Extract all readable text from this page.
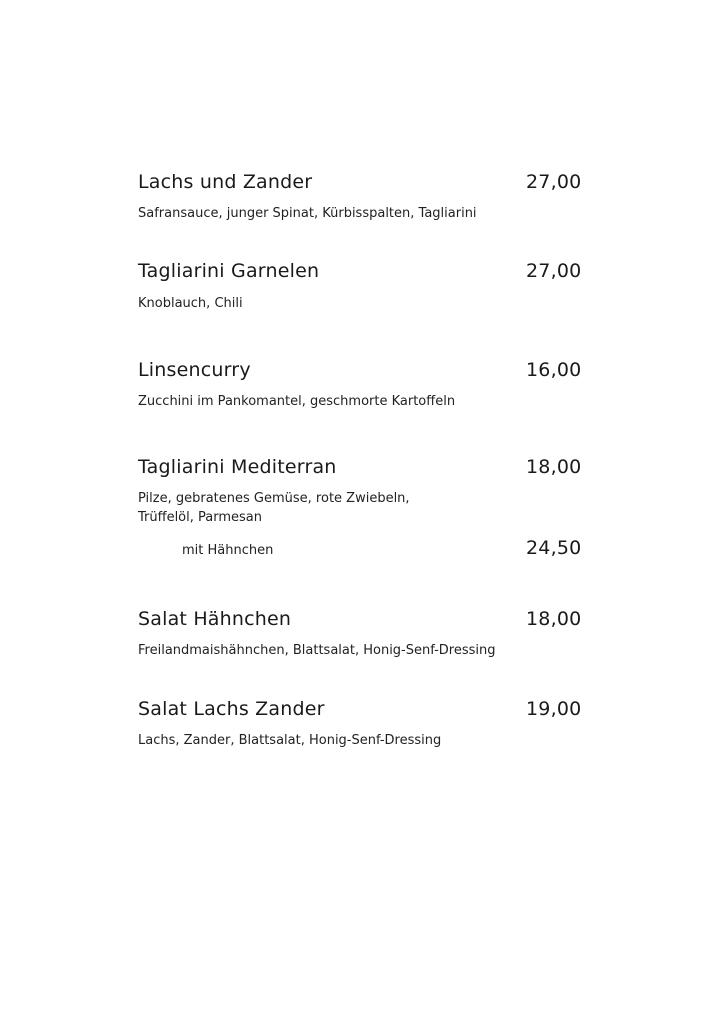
Lachs und Zander	27,00
Safransauce, junger Spinat, Kürbisspalten, Tagliarini
Tagliarini Garnelen	27,00
Knoblauch, Chili
Linsencurry	16,00
Zucchini im Pankomantel, geschmorte Kartoffeln
Tagliarini Mediterran	18,00
Pilze, gebratenes Gemüse, rote Zwiebeln,
Trüffelöl, Parmesan
mit Hähnchen	24,50
Salat Hähnchen	18,00
Freilandmaishähnchen, Blattsalat, Honig-Senf-Dressing
Salat Lachs Zander	19,00
Lachs, Zander, Blattsalat, Honig-Senf-Dressing
